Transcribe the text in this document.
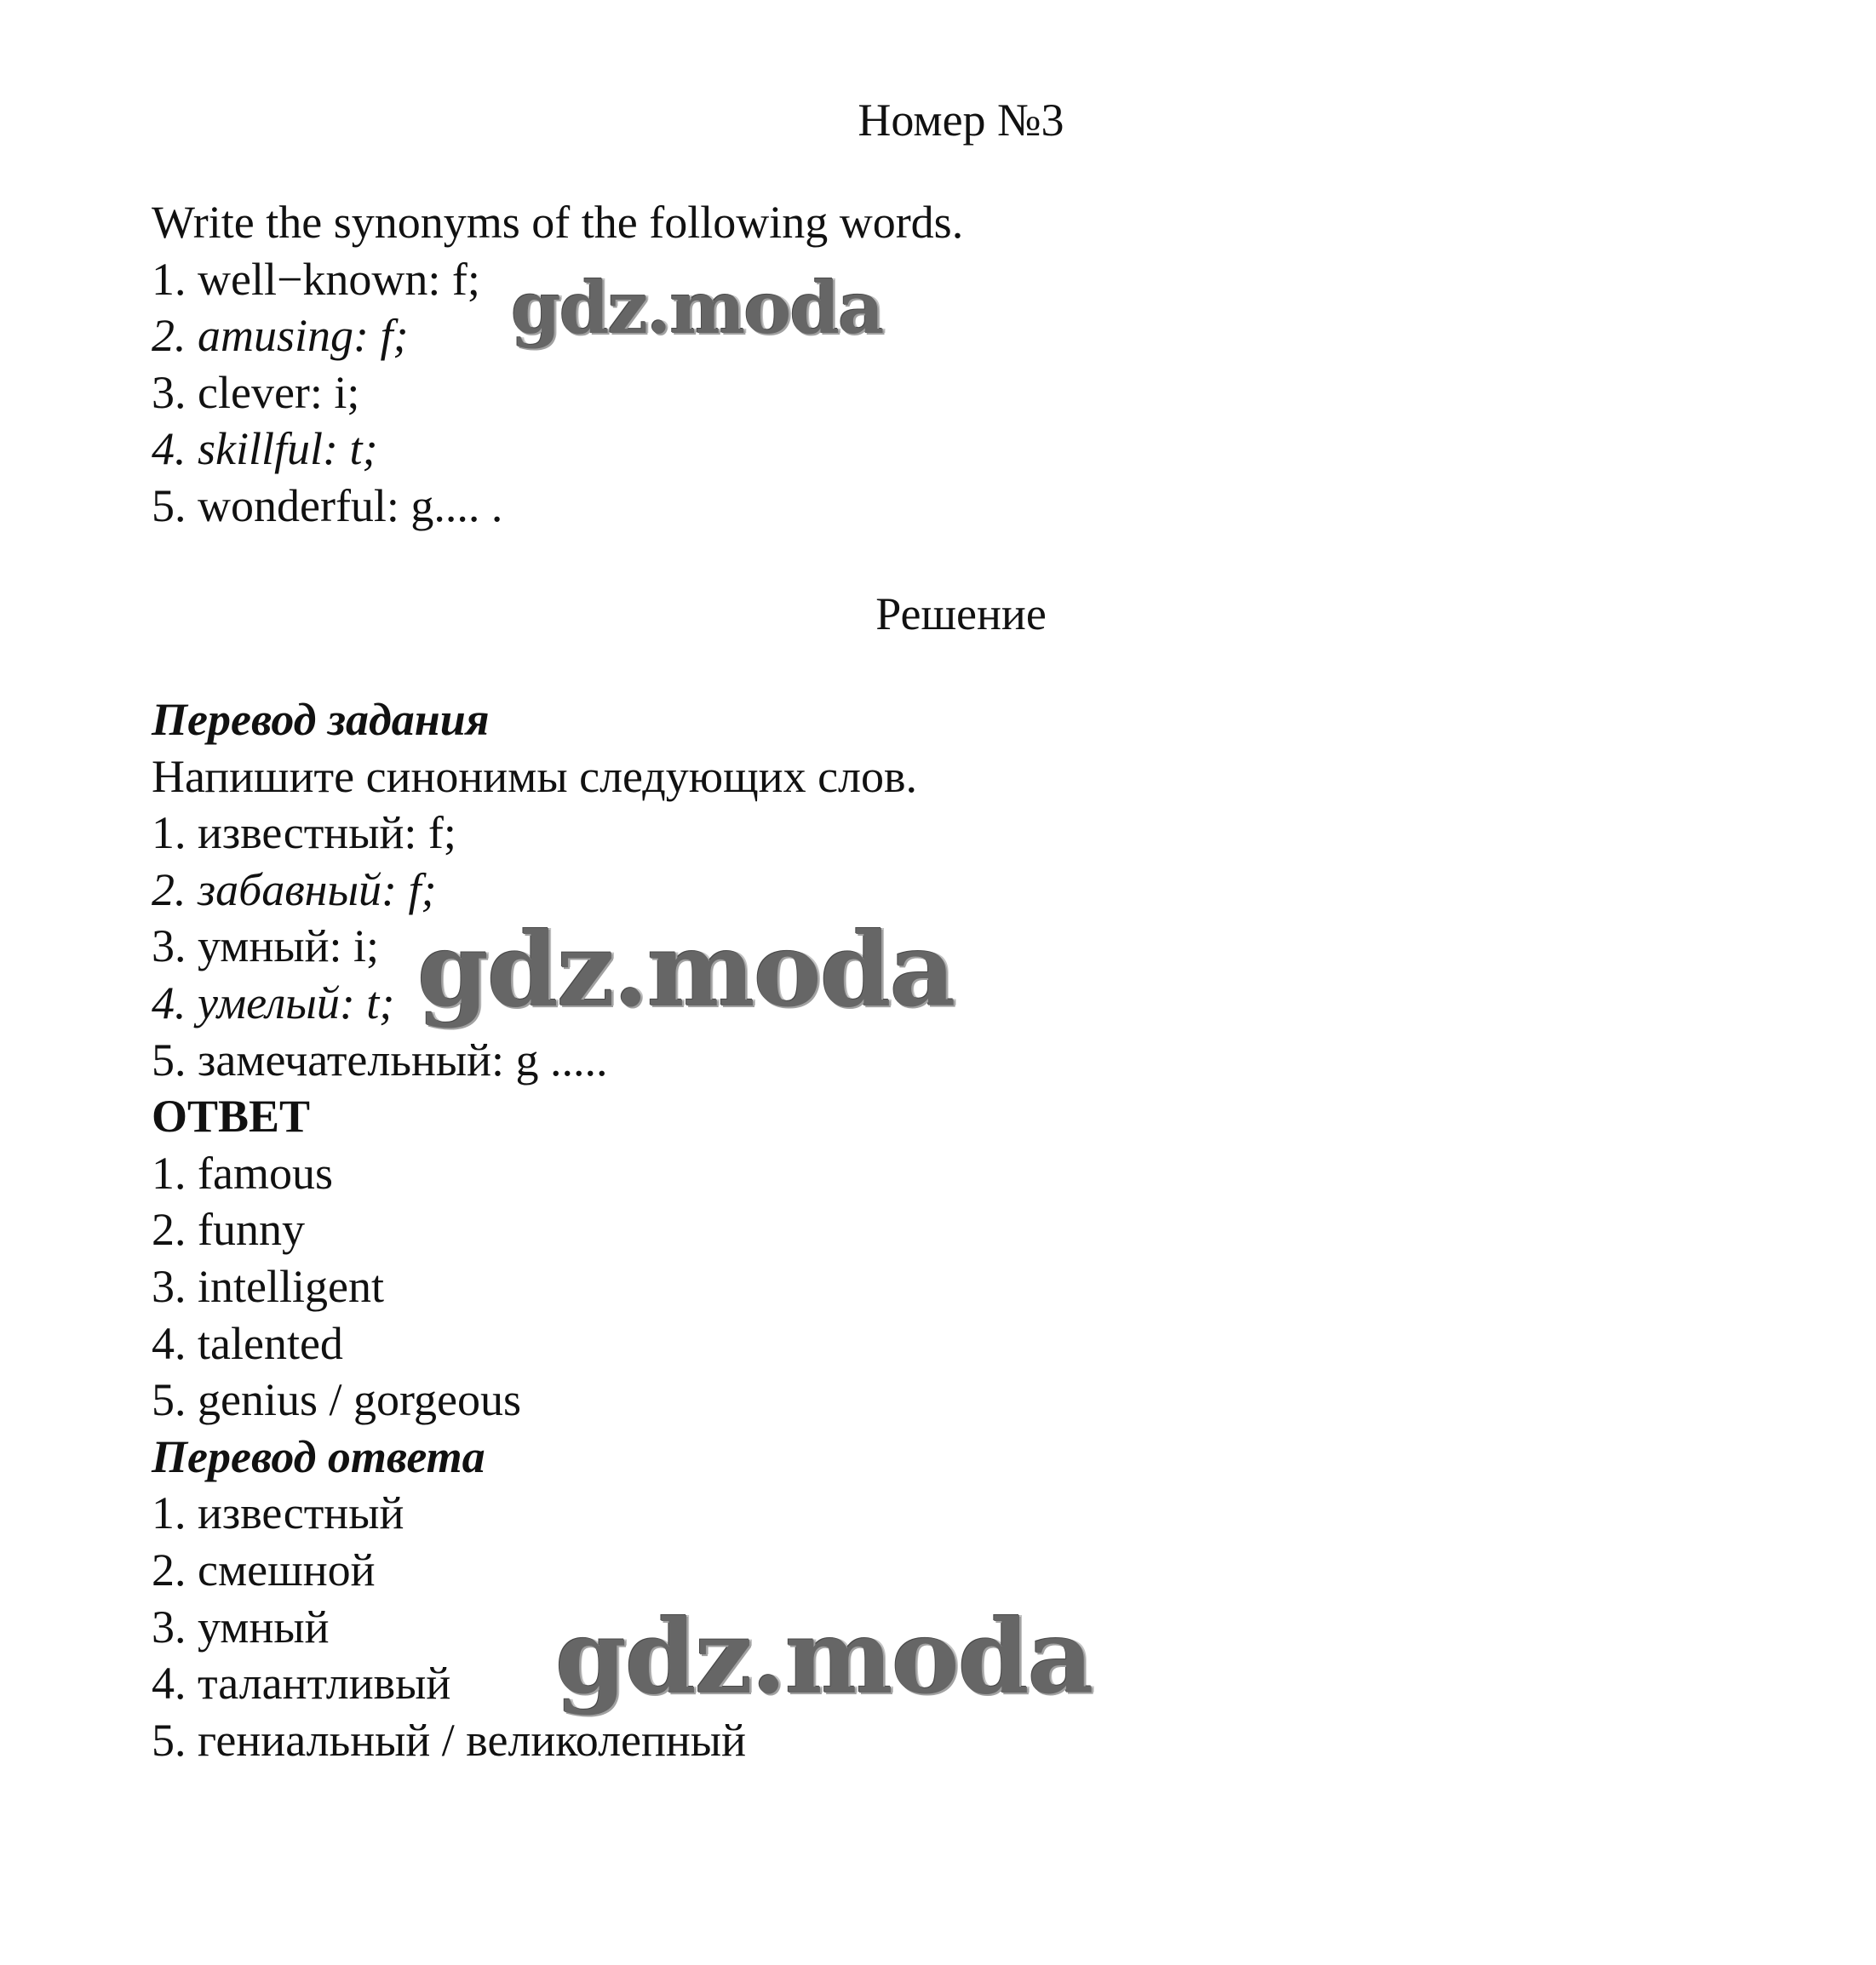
Номер №3
Write the synonyms of the following words.
1. well−known: f;
2. amusing: f;
3. clever: i;
4. skillful: t;
5. wonderful: g.... .
Решение
Перевод задания
Напишите синонимы следующих слов.
1. известный: f;
2. забавный: f;
3. умный: i;
4. умелый: t;
5. замечательный: g .....
ОТВЕТ
1. famous
2. funny
3. intelligent
4. talented
5. genius / gorgeous
Перевод ответа
1. известный
2. смешной
3. умный
4. талантливый
5. гениальный / великолепный
gdz.moda
gdz.moda
gdz.moda
